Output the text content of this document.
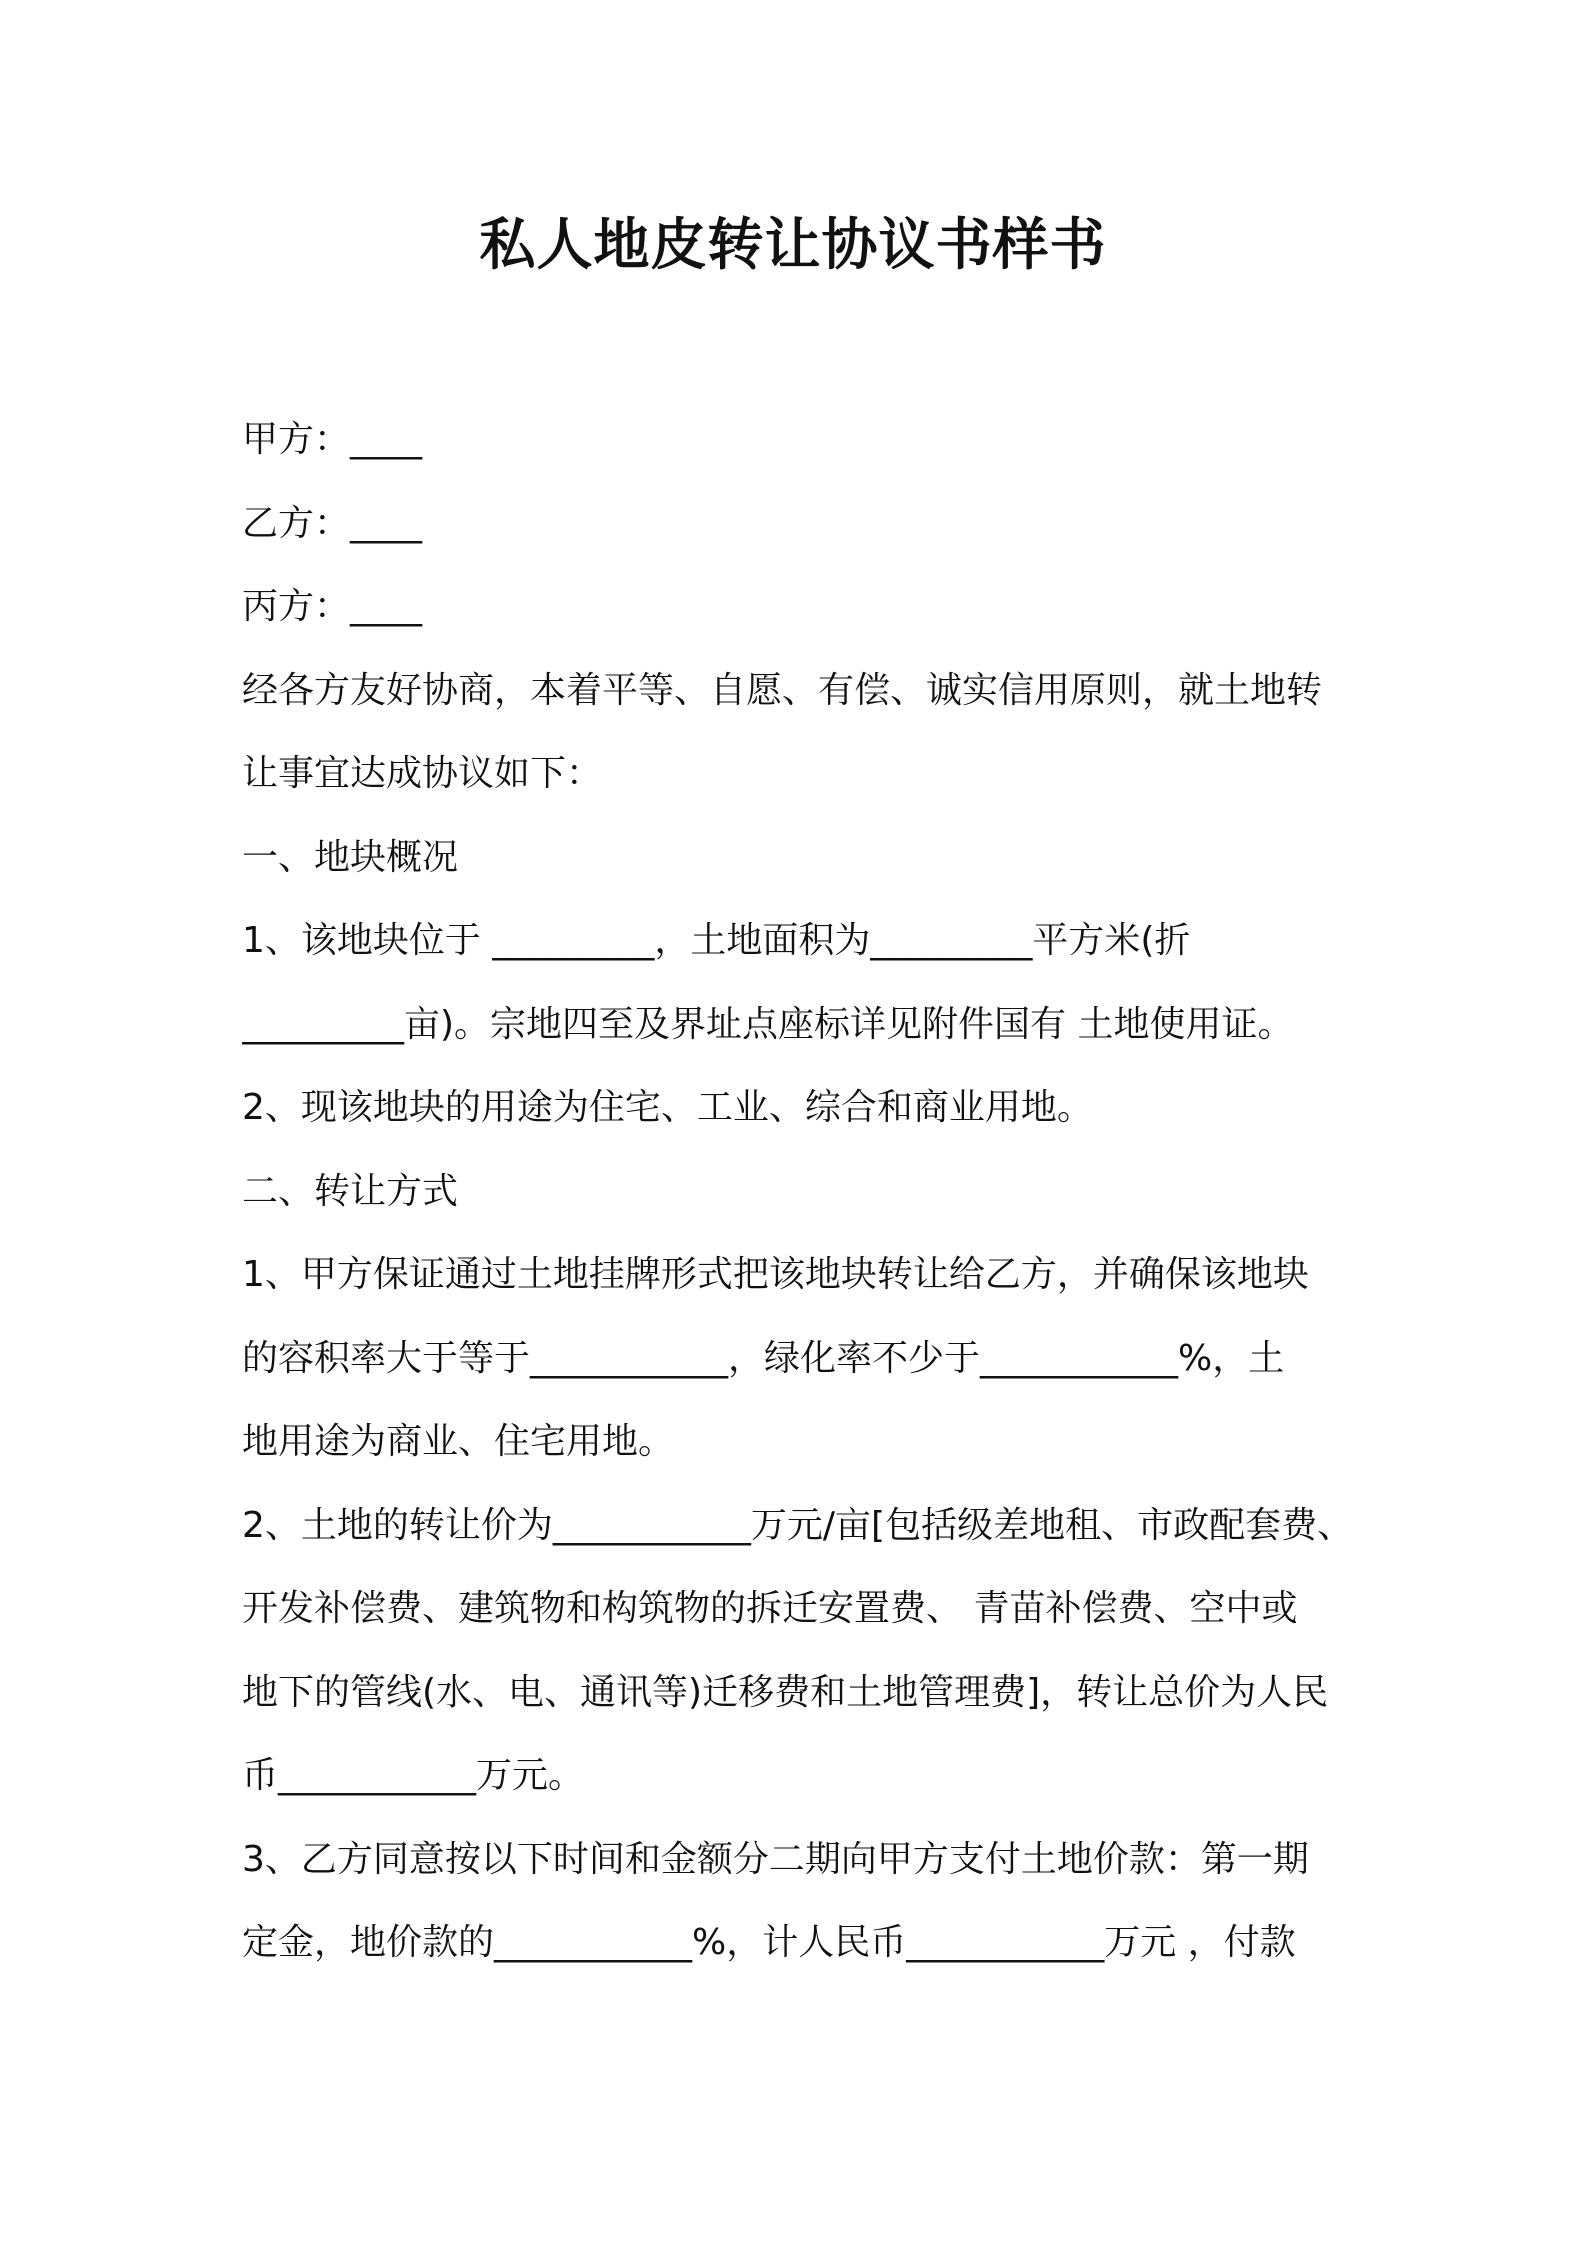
私人地皮转让协议书样书
甲方：____
乙方：____
丙方：____
经各方友好协商，本着平等、自愿、有偿、诚实信用原则，就土地转
让事宜达成协议如下：
一、地块概况
1、该地块位于 _________，土地面积为_________平方米(折
_________亩)。宗地四至及界址点座标详见附件国有 土地使用证。
2、现该地块的用途为住宅、工业、综合和商业用地。
二、转让方式
1、甲方保证通过土地挂牌形式把该地块转让给乙方，并确保该地块
的容积率大于等于___________，绿化率不少于___________%，土
地用途为商业、住宅用地。
2、土地的转让价为___________万元/亩[包括级差地租、市政配套费、
开发补偿费、建筑物和构筑物的拆迁安置费、 青苗补偿费、空中或
地下的管线(水、电、通讯等)迁移费和土地管理费]，转让总价为人民
币___________万元。
3、乙方同意按以下时间和金额分二期向甲方支付土地价款：第一期
定金，地价款的___________%，计人民币___________万元 ，付款
